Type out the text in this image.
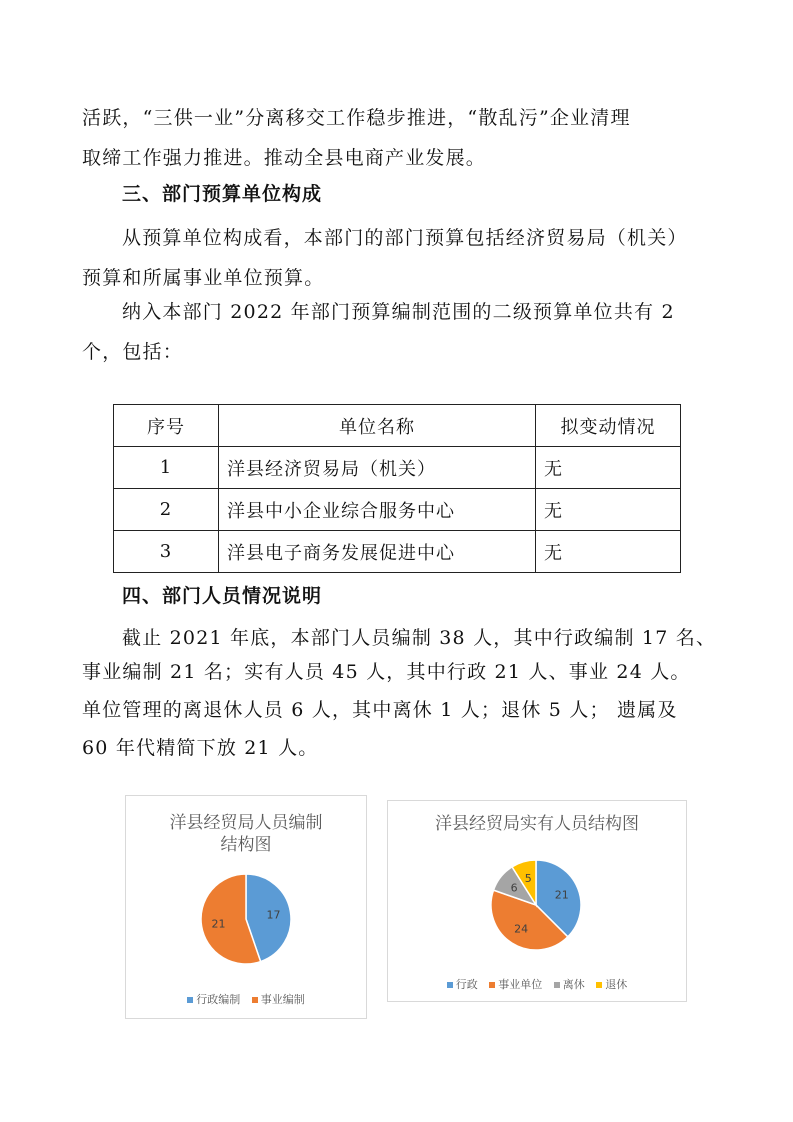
活跃，“三供一业”分离移交工作稳步推进，“散乱污”企业清理

取缔工作强力推进。推动全县电商产业发展。

三、部门预算单位构成

从预算单位构成看，本部门的部门预算包括经济贸易局（机关）

预算和所属事业单位预算。

纳入本部门 2022 年部门预算编制范围的二级预算单位共有 2

个，包括：

序号	单位名称	拟变动情况
1	洋县经济贸易局（机关）	无
2	洋县中小企业综合服务中心	无
3	洋县电子商务发展促进中心	无

四、部门人员情况说明

截止 2021 年底，本部门人员编制 38 人，其中行政编制 17 名、

事业编制 21 名；实有人员 45 人，其中行政 21 人、事业 24 人。

单位管理的离退休人员 6 人，其中离休 1 人；退休 5 人； 遗属及

60 年代精简下放 21 人。

洋县经贸局人员编制
结构图
17
21
行政编制 事业编制
洋县经贸局实有人员结构图
21
24
6
5
行政 事业单位 离休 退休
